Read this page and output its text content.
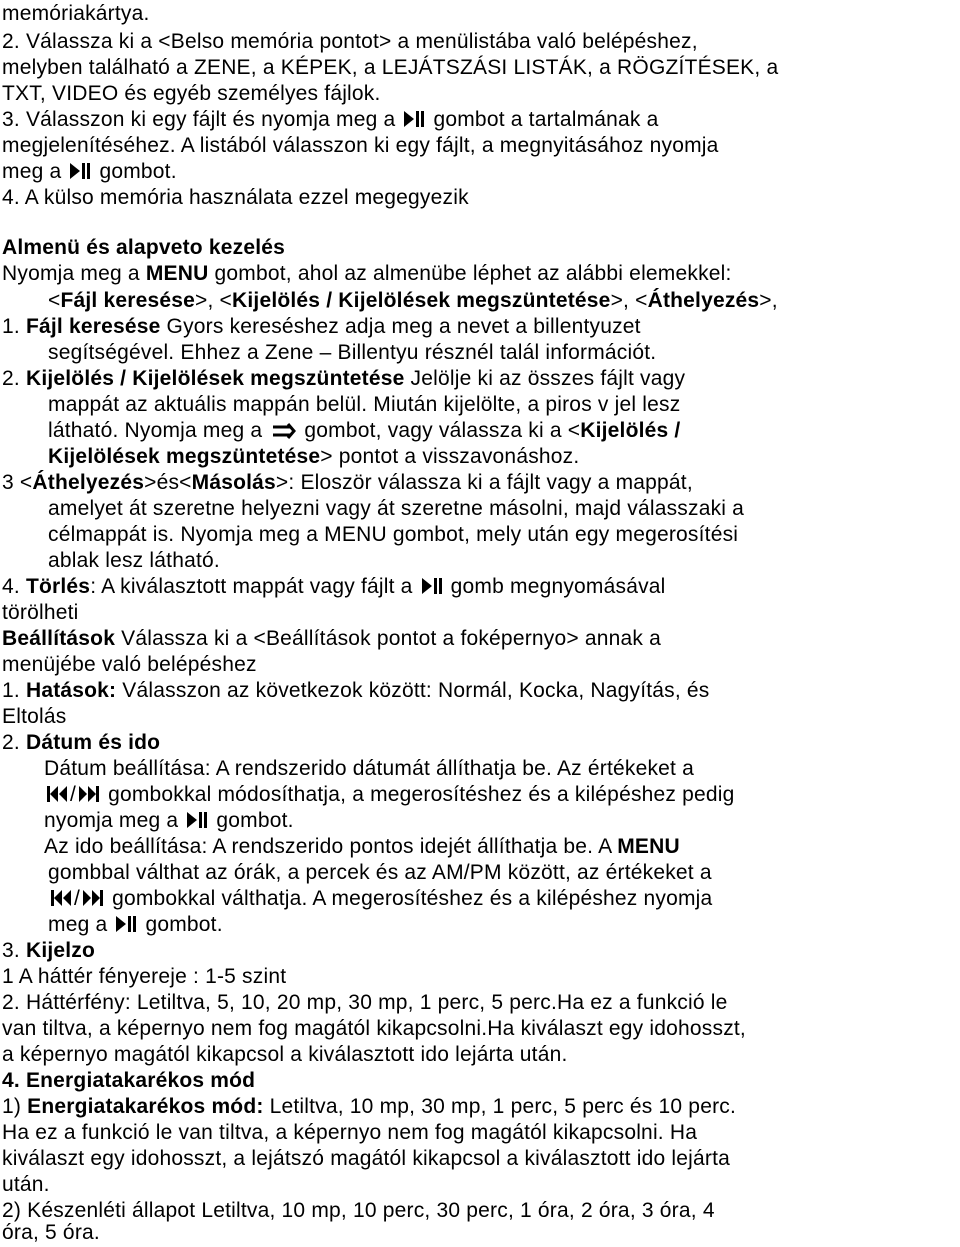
memóriakártya.
2. Válassza ki a <Belso memória pontot> a menülistába való belépéshez,
melyben található a ZENE, a KÉPEK, a LEJÁTSZÁSI LISTÁK, a RÖGZÍTÉSEK, a
TXT, VIDEO és egyéb személyes fájlok.
3. Válasszon ki egy fájlt és nyomja meg a gombot a tartalmának a
megjelenítéséhez. A listából válasszon ki egy fájlt, a megnyitásához nyomja
meg a gombot.
4. A külso memória használata ezzel megegyezik
Almenü és alapveto kezelés
Nyomja meg a MENU gombot, ahol az almenübe léphet az alábbi elemekkel:
<Fájl keresése>, <Kijelölés / Kijelölések megszüntetése>, <Áthelyezés>,
1. Fájl keresése Gyors kereséshez adja meg a nevet a billentyuzet
segítségével. Ehhez a Zene – Billentyu résznél talál információt.
2. Kijelölés / Kijelölések megszüntetése Jelölje ki az összes fájlt vagy
mappát az aktuális mappán belül. Miután kijelölte, a piros v jel lesz
látható. Nyomja meg a gombot, vagy válassza ki a <Kijelölés /
Kijelölések megszüntetése> pontot a visszavonáshoz.
3 <Áthelyezés>és<Másolás>: Eloször válassza ki a fájlt vagy a mappát,
amelyet át szeretne helyezni vagy át szeretne másolni, majd válasszaki a
célmappát is. Nyomja meg a MENU gombot, mely után egy megerosítési
ablak lesz látható.
4. Törlés: A kiválasztott mappát vagy fájlt a gomb megnyomásával
törölheti
Beállítások Válassza ki a <Beállítások pontot a foképernyo> annak a
menüjébe való belépéshez
1. Hatások: Válasszon az következok között: Normál, Kocka, Nagyítás, és
Eltolás
2. Dátum és ido
Dátum beállítása: A rendszerido dátumát állíthatja be. Az értékeket a
/ gombokkal módosíthatja, a megerosítéshez és a kilépéshez pedig
nyomja meg a gombot.
Az ido beállítása: A rendszerido pontos idejét állíthatja be. A MENU
gombbal válthat az órák, a percek és az AM/PM között, az értékeket a
/ gombokkal válthatja. A megerosítéshez és a kilépéshez nyomja
meg a gombot.
3. Kijelzo
1 A háttér fényereje : 1-5 szint
2. Háttérfény: Letiltva, 5, 10, 20 mp, 30 mp, 1 perc, 5 perc.Ha ez a funkció le
van tiltva, a képernyo nem fog magától kikapcsolni.Ha kiválaszt egy idohosszt,
a képernyo magától kikapcsol a kiválasztott ido lejárta után.
4. Energiatakarékos mód
1) Energiatakarékos mód: Letiltva, 10 mp, 30 mp, 1 perc, 5 perc és 10 perc.
Ha ez a funkció le van tiltva, a képernyo nem fog magától kikapcsolni. Ha
kiválaszt egy idohosszt, a lejátszó magától kikapcsol a kiválasztott ido lejárta
után.
2) Készenléti állapot Letiltva, 10 mp, 10 perc, 30 perc, 1 óra, 2 óra, 3 óra, 4
óra, 5 óra.
